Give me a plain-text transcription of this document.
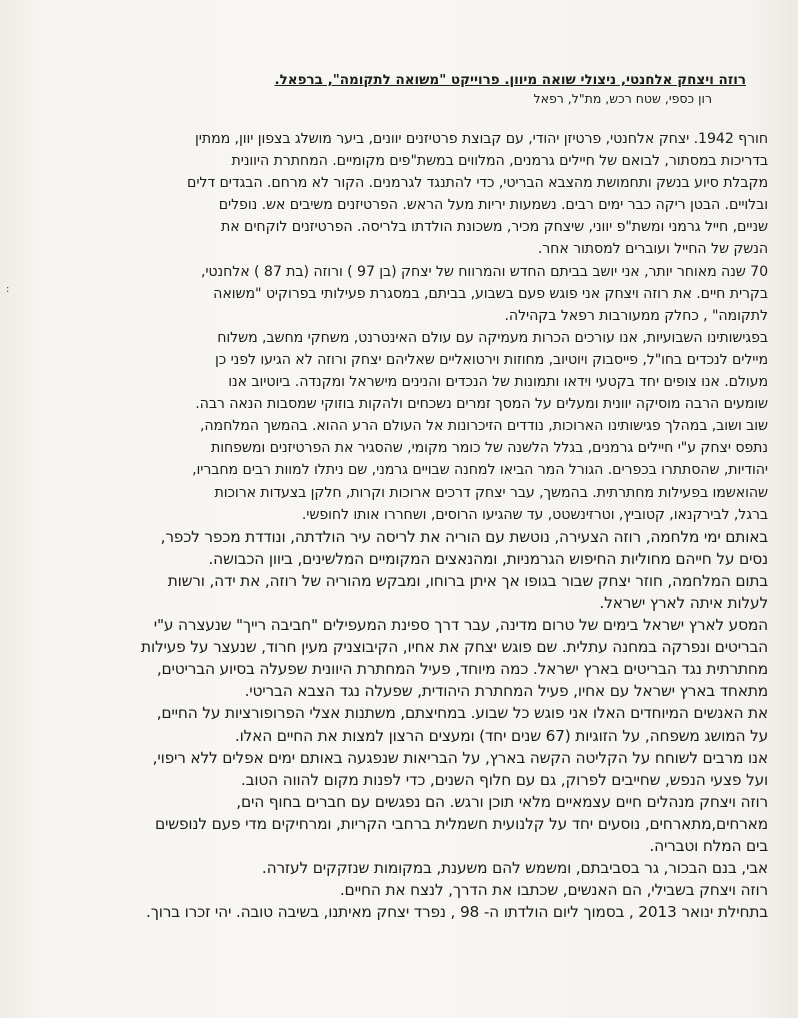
רוזה ויצחק אלחנטי, ניצולי שואה מיוון. פרוייקט "משואה לתקומה", ברפאל.
רון כספי, שטח רכש, מת"ל, רפאל
:
חורף 1942. יצחק אלחנטי, פרטיזן יהודי, עם קבוצת פרטיזנים יוונים, ביער מושלג בצפון יוון, ממתין
בדריכות במסתור, לבואם של חיילים גרמנים, המלווים במשת"פים מקומיים. המחתרת היוונית
מקבלת סיוע בנשק ותחמושת מהצבא הבריטי, כדי להתנגד לגרמנים. הקור לא מרחם. הבגדים דלים
ובלויים. הבטן ריקה כבר ימים רבים. נשמעות יריות מעל הראש. הפרטיזנים משיבים אש. נופלים
שניים, חייל גרמני ומשת"פ יווני, שיצחק מכיר, משכונת הולדתו בלריסה. הפרטיזנים לוקחים את
הנשק של החייל ועוברים למסתור אחר.
70 שנה מאוחר יותר, אני יושב בביתם החדש והמרווח של יצחק (בן 97 ) ורוזה (בת 87 ) אלחנטי,
בקרית חיים. את רוזה ויצחק אני פוגש פעם בשבוע, בביתם, במסגרת פעילותי בפרוקיט "משואה
לתקומה" , כחלק ממעורבות רפאל בקהילה.
בפגישותינו השבועיות, אנו עורכים הכרות מעמיקה עם עולם האינטרנט, משחקי מחשב, משלוח
מיילים לנכדים בחו"ל, פייסבוק ויוטיוב, מחוזות וירטואליים שאליהם יצחק ורוזה לא הגיעו לפני כן
מעולם. אנו צופים יחד בקטעי וידאו ותמונות של הנכדים והנינים מישראל ומקנדה. ביוטיוב אנו
שומעים הרבה מוסיקה יוונית ומעלים על המסך זמרים נשכחים ולהקות בוזוקי שמסבות הנאה רבה.
שוב ושוב, במהלך פגישותינו הארוכות, נודדים הזיכרונות אל העולם הרע ההוא. בהמשך המלחמה,
נתפס יצחק ע"י חיילים גרמנים, בגלל הלשנה של כומר מקומי, שהסגיר את הפרטיזנים ומשפחות
יהודיות, שהסתתרו בכפרים. הגורל המר הביאו למחנה שבויים גרמני, שם ניתלו למוות רבים מחבריו,
שהואשמו בפעילות מחתרתית. בהמשך, עבר יצחק דרכים ארוכות וקרות, חלקן בצעדות ארוכות
ברגל, לבירקנאו, קטוביץ, וטרזינשטט, עד שהגיעו הרוסים, ושחררו אותו לחופשי.
באותם ימי מלחמה, רוזה הצעירה, נוטשת עם הוריה את לריסה עיר הולדתה, ונודדת מכפר לכפר,
נסים על חייהם מחוליות החיפוש הגרמניות, ומהנאצים המקומיים המלשינים, ביוון הכבושה.
בתום המלחמה, חוזר יצחק שבור בגופו אך איתן ברוחו, ומבקש מהוריה של רוזה, את ידה, ורשות
לעלות איתה לארץ ישראל.
המסע לארץ ישראל בימים של טרום מדינה, עבר דרך ספינת המעפילים "חביבה רייך" שנעצרה ע"י
הבריטים ונפרקה במחנה עתלית. שם פוגש יצחק את אחיו, הקיבוצניק מעין חרוד, שנעצר על פעילות
מחתרתית נגד הבריטים בארץ ישראל. כמה מיוחד, פעיל המחתרת היוונית שפעלה בסיוע הבריטים,
מתאחד בארץ ישראל עם אחיו, פעיל המחתרת היהודית, שפעלה נגד הצבא הבריטי.
את האנשים המיוחדים האלו אני פוגש כל שבוע. במחיצתם, משתנות אצלי הפרופורציות על החיים,
על המושג משפחה, על הזוגיות (67 שנים יחד) ומעצים הרצון למצות את החיים האלו.
אנו מרבים לשוחח על הקליטה הקשה בארץ, על הבריאות שנפגעה באותם ימים אפלים ללא ריפוי,
ועל פצעי הנפש, שחייבים לפרוק, גם עם חלוף השנים, כדי לפנות מקום להווה הטוב.
רוזה ויצחק מנהלים חיים עצמאיים מלאי תוכן ורגש. הם נפגשים עם חברים בחוף הים,
מארחים,מתארחים, נוסעים יחד על קלנועית חשמלית ברחבי הקריות, ומרחיקים מדי פעם לנופשים
בים המלח וטבריה.
אבי, בנם הבכור, גר בסביבתם, ומשמש להם משענת, במקומות שנזקקים לעזרה.
רוזה ויצחק בשבילי, הם האנשים, שכתבו את הדרך, לנצח את החיים.
בתחילת ינואר 2013 , בסמוך ליום הולדתו ה- 98 , נפרד יצחק מאיתנו, בשיבה טובה. יהי זכרו ברוך.
